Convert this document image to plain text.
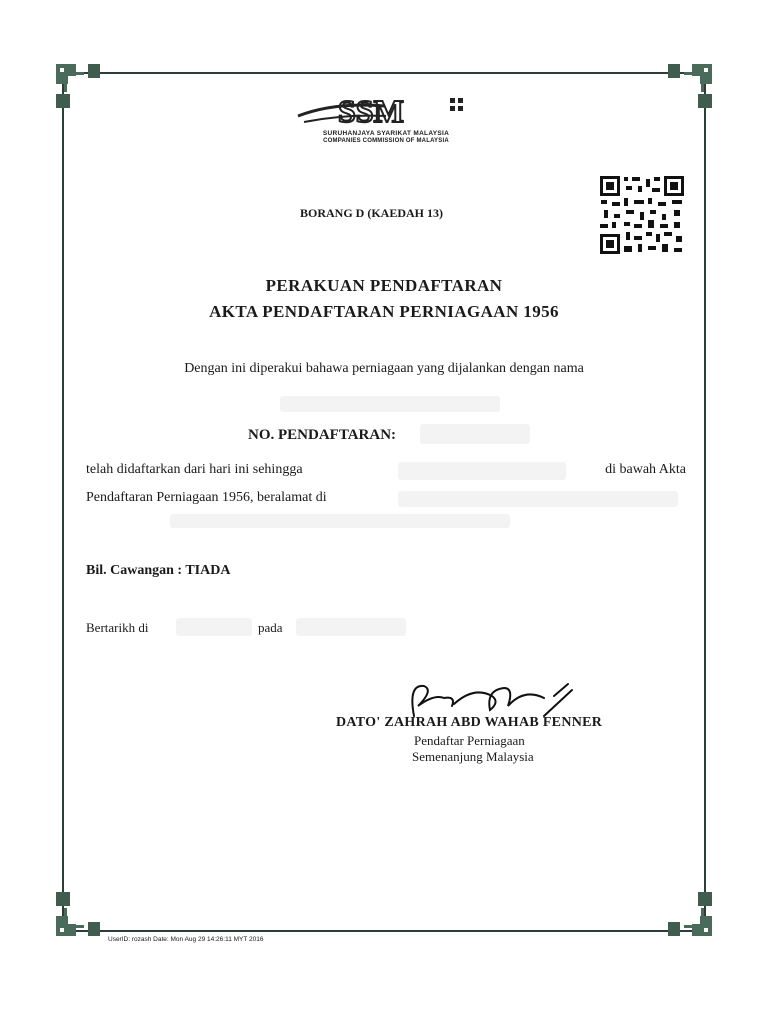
SSM
SURUHANJAYA SYARIKAT MALAYSIA
COMPANIES COMMISSION OF MALAYSIA
BORANG D (KAEDAH 13)
PERAKUAN PENDAFTARAN
AKTA PENDAFTARAN PERNIAGAAN 1956
Dengan ini diperakui bahawa perniagaan yang dijalankan dengan nama
NO. PENDAFTARAN:
telah didaftarkan dari hari ini sehingga	di bawah Akta
Pendaftaran Perniagaan 1956, beralamat di
Bil. Cawangan : TIADA
Bertarikh di	pada
DATO' ZAHRAH ABD WAHAB FENNER
Pendaftar Perniagaan
Semenanjung Malaysia
UserID: rozash Date: Mon Aug 29 14:26:11 MYT 2016
